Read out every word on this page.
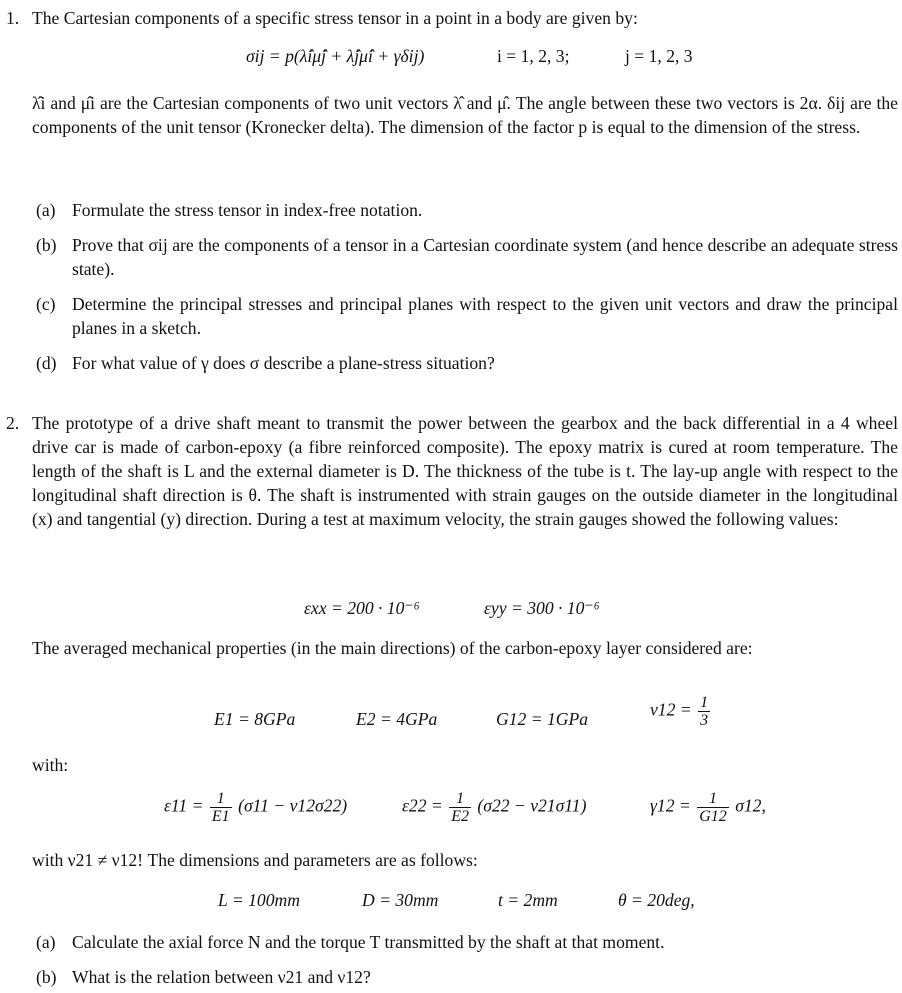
1. The Cartesian components of a specific stress tensor in a point in a body are given by:
σij = p(λ̂iμ̂j + λ̂jμ̂i + γδij)	i = 1, 2, 3;	j = 1, 2, 3
λ̂i and μ̂i are the Cartesian components of two unit vectors λ̂ and μ̂. The angle between these two vectors is 2α. δij are the components of the unit tensor (Kronecker delta). The dimension of the factor p is equal to the dimension of the stress.
(a) Formulate the stress tensor in index-free notation.
(b) Prove that σij are the components of a tensor in a Cartesian coordinate system (and hence describe an adequate stress state).
(c) Determine the principal stresses and principal planes with respect to the given unit vectors and draw the principal planes in a sketch.
(d) For what value of γ does σ describe a plane-stress situation?
2. The prototype of a drive shaft meant to transmit the power between the gearbox and the back differential in a 4 wheel drive car is made of carbon-epoxy (a fibre reinforced composite). The epoxy matrix is cured at room temperature. The length of the shaft is L and the external diameter is D. The thickness of the tube is t. The lay-up angle with respect to the longitudinal shaft direction is θ. The shaft is instrumented with strain gauges on the outside diameter in the longitudinal (x) and tangential (y) direction. During a test at maximum velocity, the strain gauges showed the following values:
εxx = 200 · 10⁻⁶	εyy = 300 · 10⁻⁶
The averaged mechanical properties (in the main directions) of the carbon-epoxy layer considered are:
E1 = 8GPa	E2 = 4GPa	G12 = 1GPa	$\nu 12 = \frac{1}{3}$
with:
$\varepsilon 11 = \frac{1}{E1} (\sigma 11 - \nu 12\sigma 22)$	$\varepsilon 22 = \frac{1}{E2} (\sigma 22 - \nu 21\sigma 11)$	$\gamma 12 = \frac{1}{G12} \sigma 12$,
with ν21 ≠ ν12! The dimensions and parameters are as follows:
L = 100mm	D = 30mm	t = 2mm	θ = 20deg,
(a) Calculate the axial force N and the torque T transmitted by the shaft at that moment.
(b) What is the relation between ν21 and ν12?
